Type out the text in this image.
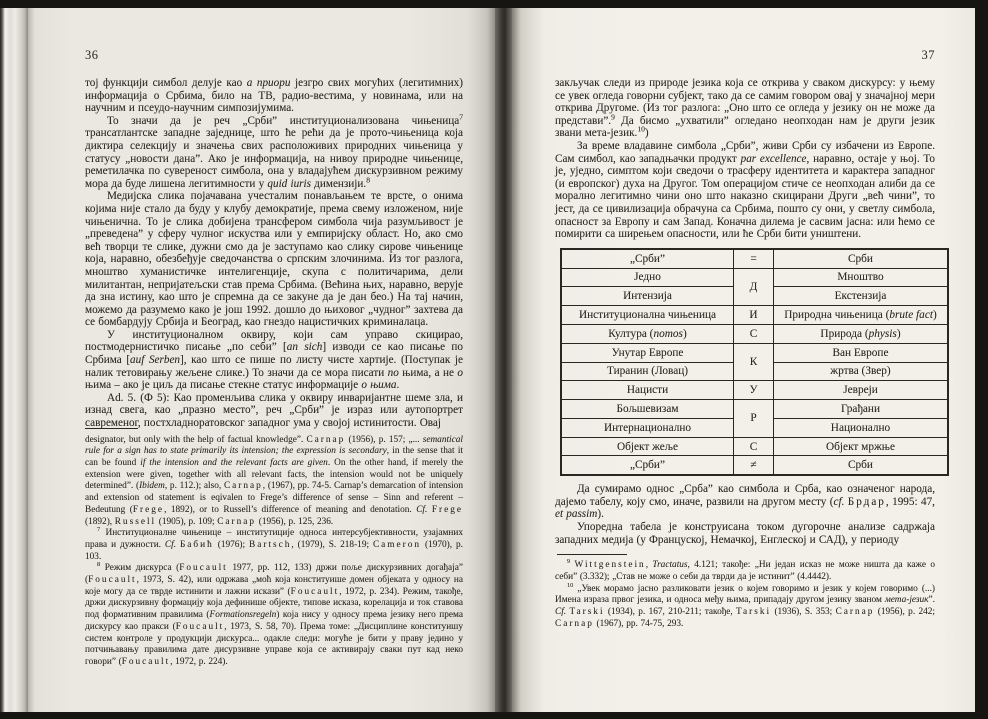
36

тој функцији симбол делује као а приори језгро свих могућих (легитимних) информација о Србима, било на ТВ, радио-вестима, у новинама, или на научним и псеудо-научним симпозијумима.

То значи да је реч „Срби” институционализована чињеница$^7$ трансатлантске западне заједнице, што ће рећи да је прото-чињеница која диктира селекцију и значења свих расположивих природних чињеница у статусу „новости дана”. Ако је информација, на нивоу природне чињенице, реметилачка по сувереност симбола, она у владајућем дискурзивном режиму мора да буде лишена легитимности у quid iuris димензији.$^8$

Медијска слика појачавана учесталим понављањем те врсте, о онима којима није стало да буду у клубу демократије, према свему изложеном, није чињенична. То је слика добијена трансфером симбола чија разумљивост је „преведена” у сферу чулног искуства или у емпиријску област. Но, ако смо већ творци те слике, дужни смо да је заступамо као слику сирове чињенице која, наравно, обезбеђује сведочанства о српским злочинима. Из тог разлога, мноштво хуманистичке интелигенције, скупа с политичарима, дели милитантан, непријатељски став према Србима. (Већина њих, наравно, верује да зна истину, као што је спремна да се закуне да је дан бео.) На тај начин, можемо да разумемо како је још 1992. дошло до њиховог „чудног” захтева да се бомбардују Србија и Београд, као гнездо нацистичких криминалаца.

У институционалном оквиру, који сам управо скицирао, постмодернистичко писање „по себи” [an sich] изводи се као писање по Србима [auf Serben], као што се пише по листу чисте хартије. (Поступак је налик тетовирању жељене слике.) То значи да се мора писати по њима, а не о њима – ако је циљ да писање стекне статус информације о њима.

Ad. 5. (Ф 5): Као променљива слика у оквиру инваријантне шеме зла, и изнад свега, као „празно место”, реч „Срби” је израз или аутопортрет савременог, постхладноратовског западног ума у својој истинитости. Овај

designator, but only with the help of factual knowledge”. Carnap (1956), p. 157; „... semantical rule for a sign has to state primarily its intension; the expression is secondary, in the sense that it can be found if the intension and the relevant facts are given. On the other hand, if merely the extension were given, together with all relevant facts, the intension would not be uniquely determined”. (Ibidem, p. 112.); also, Carnap, (1967), pp. 74-5. Carnap’s demarcation of intension and extension od statement is eqivalen to Frege’s difference of sense – Sinn and referent – Bedeutung (Frege, 1892), or to Russell’s difference of meaning and denotation. Cf. Frege (1892), Russell (1905), p. 109; Carnap (1956), p. 125, 236.

$^7$ Институционалне чињенице – институтиције односа интерсубјективности, узајамних права и дужности. Cf. Бабић (1976); Bartsch, (1979), S. 218-19; Cameron (1970), p. 103.

$^8$ Режим дискурса (Foucault 1977, pp. 112, 133) држи поље дискурзивних догађаја” (Foucault, 1973, S. 42), или одржава „моћ која конституише домен објеката у односу на које могу да се тврде истинити и лажни искази” (Foucault, 1972, p. 234). Режим, такође, држи дискурзивну формацију која дефинише објекте, типове исказа, корелација и ток ставова под формативним правилима (Formationsregeln) која нису у односу према језику него према дискурсу као пракси (Foucault, 1973, S. 58, 70). Према томе: „Дисциплине конституишу систем контроле у продукцији дискурса... одакле следи: могуће је бити у праву једино у потчињавању правилима дате дисурзивне управе која се активирају сваки пут кад неко говори” (Foucault, 1972, p. 224).

37

закључак следи из природе језика која се открива у сваком дискурсу: у њему се увек огледа говорни субјект, тако да се самим говором овај у значајној мери открива Другоме. (Из тог разлога: „Оно што се огледа у језику он не може да представи”.$^9$ Да бисмо „ухватили” огледано неопходан нам је други језик звани мета-језик.$^{10}$)

За време владавине симбола „Срби”, живи Срби су избачени из Европе. Сам симбол, као западњачки продукт par excellence, наравно, остаје у њој. То је, уједно, симптом који сведочи о трасферу идентитета и карактера западног (и европског) духа на Другог. Том операцијом стиче се неопходан алиби да се морално легитимно чини оно што наказно скицирани Други „већ чини”, то јест, да се цивилизација обрачуна са Србима, пошто су они, у светлу симбола, опасност за Европу и сам Запад. Коначна дилема је сасвим јасна: или ћемо се помирити са ширењем опасности, или ће Срби бити уништени.

„Срби”	=	Срби
Једно	Д	Мноштво
Интензија		Екстензија
Институционална чињеница	И	Природна чињеница (brute fact)
Култура (nomos)	С	Природа (physis)
Унутар Европе	К	Ван Европе
Тиранин (Ловац)		жртва (Звер)
Нацисти	У	Јевреји
Бољшевизам	Р	Грађани
Интернационално		Национално
Објект жеље	С	Објект мржње
„Срби”	≠	Срби

Да сумирамо однос „Срба” као симбола и Срба, као означеног народа, дајемо табелу, коју смо, иначе, развили на другом месту (cf. Брдар, 1995: 47, et passim).

Упоредна табела је конструисана током дугорочне анализе садржаја западних медија (у Француској, Немачкој, Енглеској и САД), у периоду

$^9$ Wittgenstein, Tractatus, 4.121; такође: „Ни један исказ не може ништа да каже о себи” (3.332); „Став не може о себи да тврди да је истинит” (4.4442).

$^{10}$ „Увек морамо јасно разликовати језик о којем говоримо и језик у којем говоримо (...) Имена израза првог језика, и односа међу њима, припадају другом језику званом мета-језик”. Cf. Tarski (1934), p. 167, 210-211; такође, Tarski (1936), S. 353; Carnap (1956), p. 242; Carnap (1967), pp. 74-75, 293.
